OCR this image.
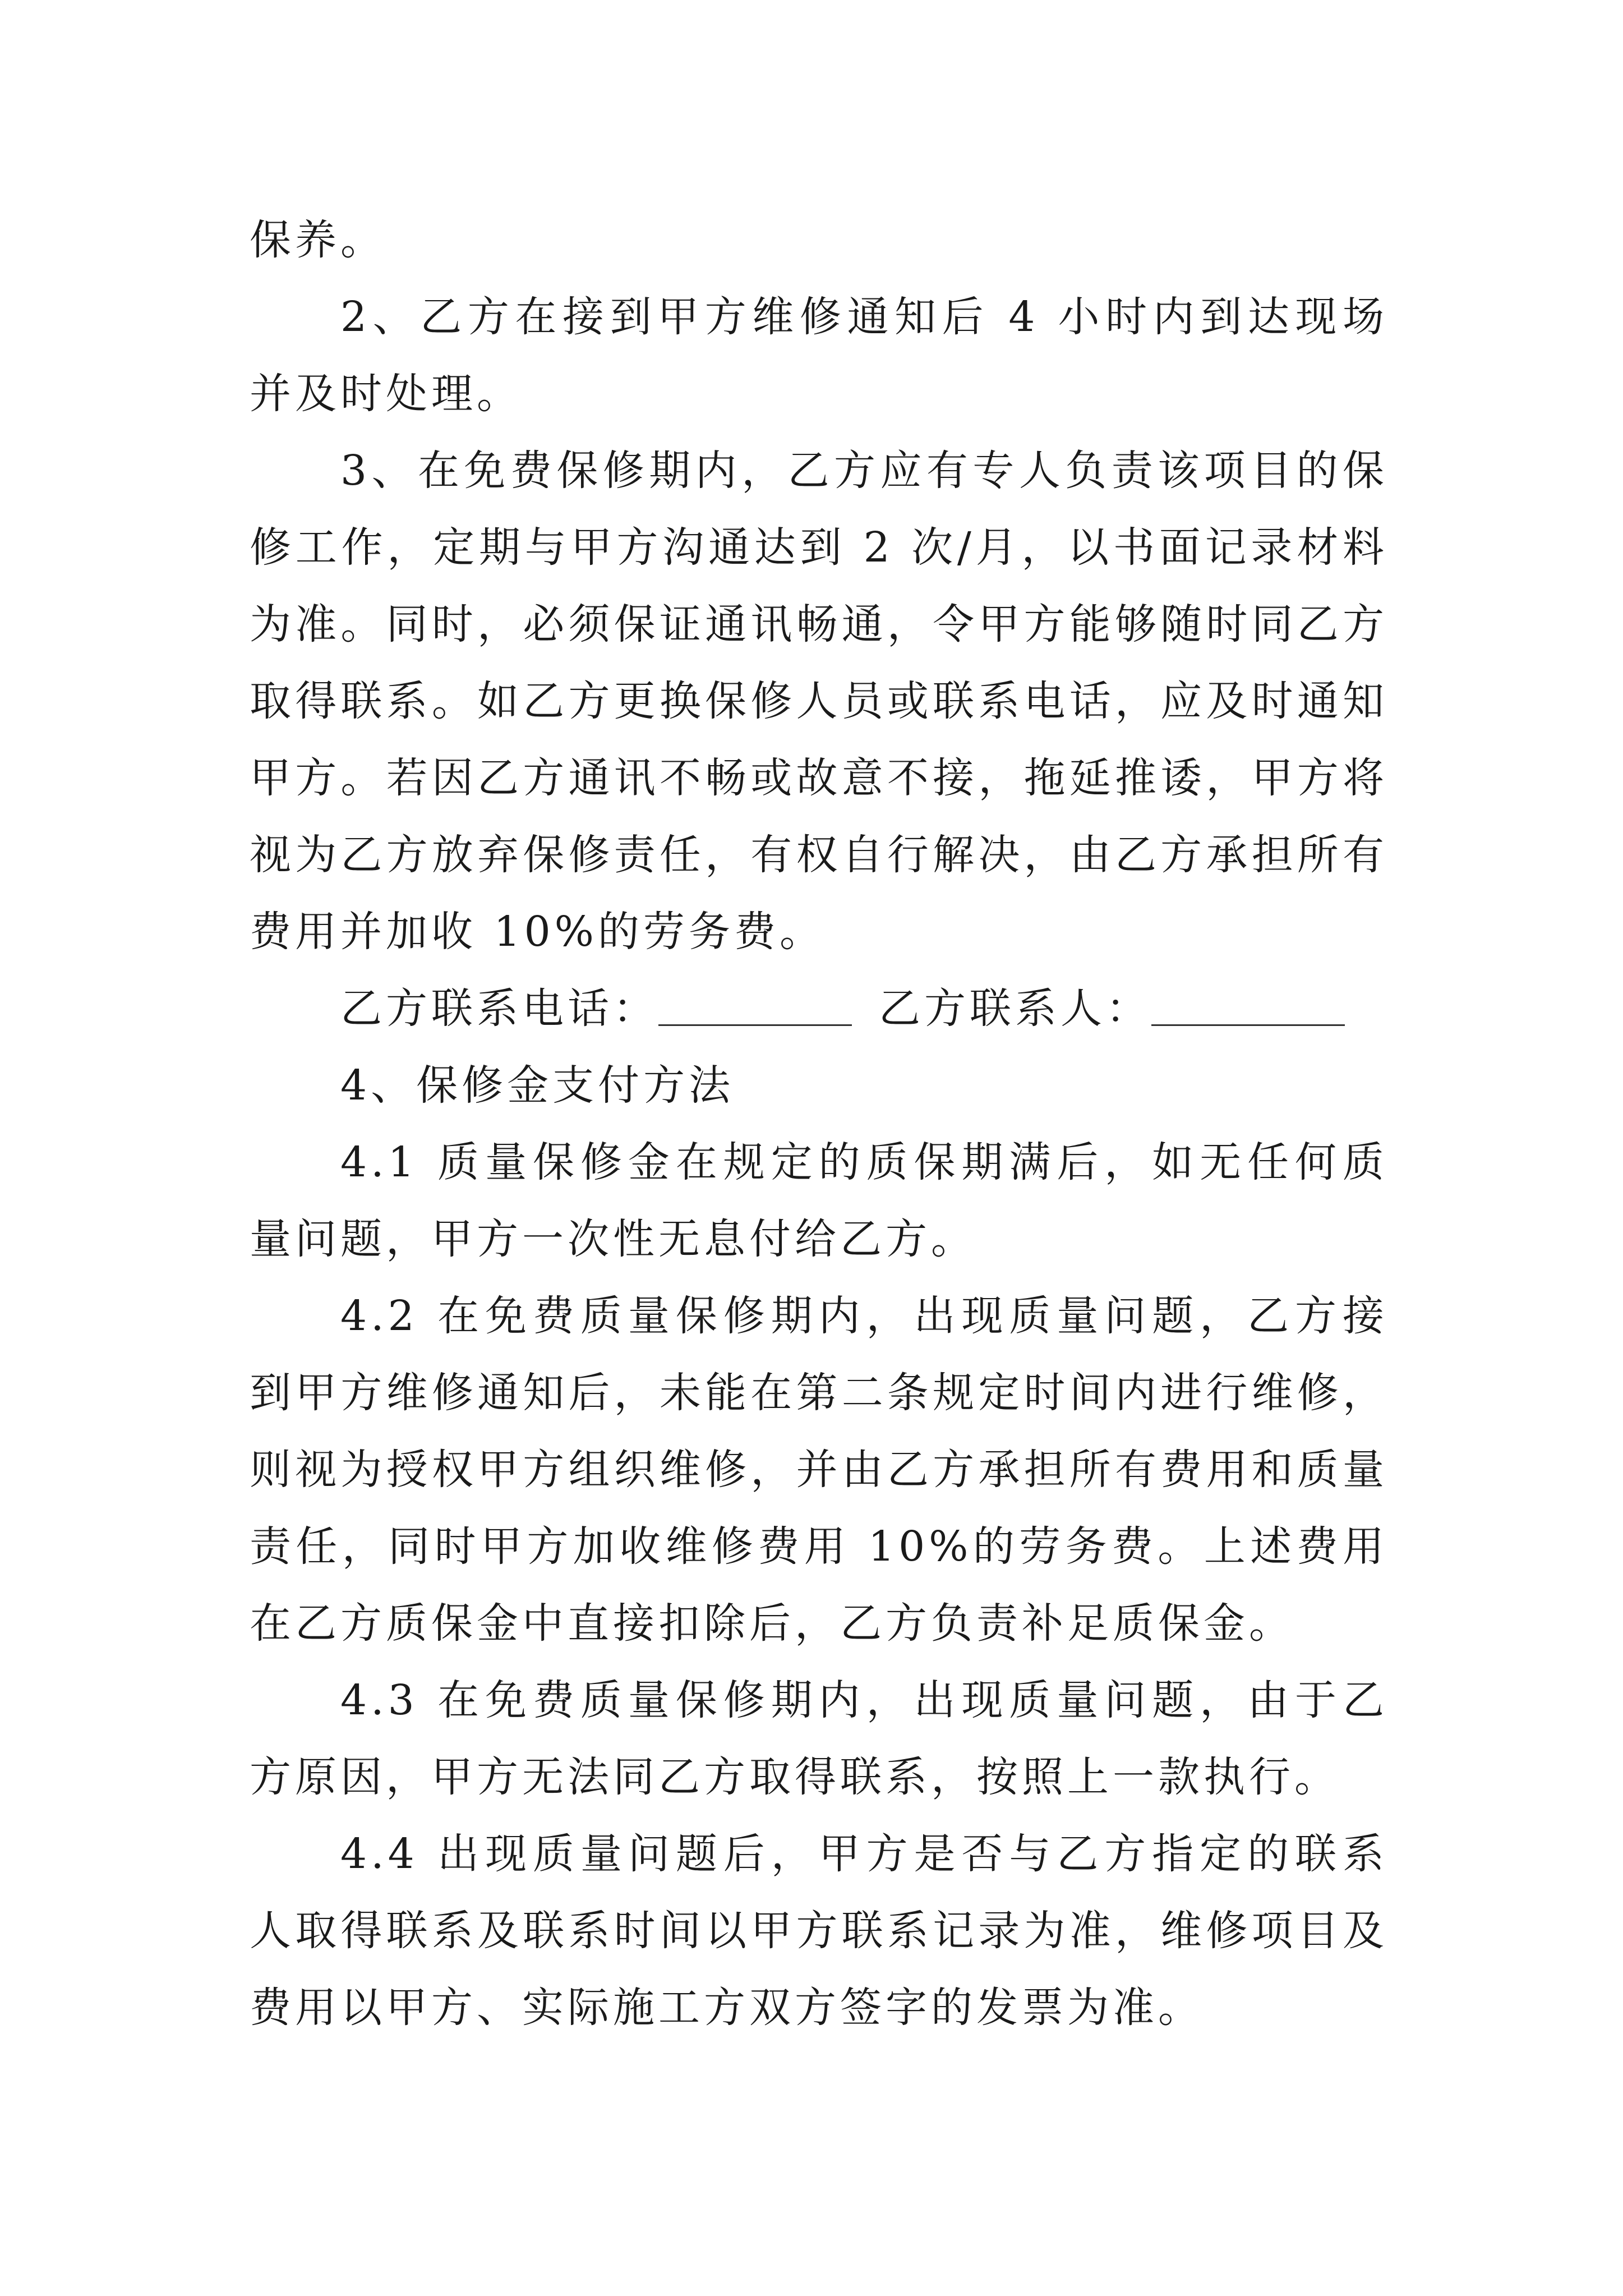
保养。

2、乙方在接到甲方维修通知后 4 小时内到达现场并及时处理。

3、在免费保修期内，乙方应有专人负责该项目的保修工作，定期与甲方沟通达到 2 次/月，以书面记录材料为准。同时，必须保证通讯畅通，令甲方能够随时同乙方取得联系。如乙方更换保修人员或联系电话，应及时通知甲方。若因乙方通讯不畅或故意不接，拖延推诿，甲方将视为乙方放弃保修责任，有权自行解决，由乙方承担所有费用并加收 10%的劳务费。

乙方联系电话：	乙方联系人：

4、保修金支付方法

4.1 质量保修金在规定的质保期满后，如无任何质量问题，甲方一次性无息付给乙方。

4.2 在免费质量保修期内，出现质量问题，乙方接到甲方维修通知后，未能在第二条规定时间内进行维修，则视为授权甲方组织维修，并由乙方承担所有费用和质量责任，同时甲方加收维修费用 10%的劳务费。上述费用在乙方质保金中直接扣除后，乙方负责补足质保金。

4.3 在免费质量保修期内，出现质量问题，由于乙方原因，甲方无法同乙方取得联系，按照上一款执行。

4.4 出现质量问题后，甲方是否与乙方指定的联系人取得联系及联系时间以甲方联系记录为准，维修项目及费用以甲方、实际施工方双方签字的发票为准。
